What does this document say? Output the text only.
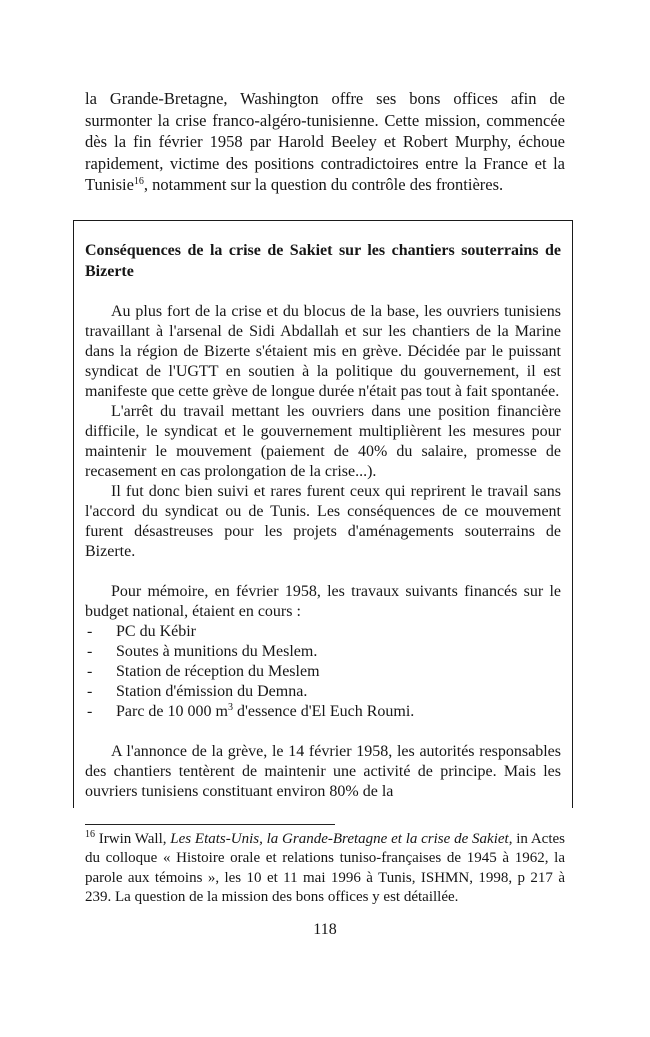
la Grande-Bretagne, Washington offre ses bons offices afin de surmonter la crise franco-algéro-tunisienne. Cette mission, commencée dès la fin février 1958 par Harold Beeley et Robert Murphy, échoue rapidement, victime des positions contradictoires entre la France et la Tunisie$^{16}$, notamment sur la question du contrôle des frontières.

Conséquences de la crise de Sakiet sur les chantiers souterrains de Bizerte

Au plus fort de la crise et du blocus de la base, les ouvriers tunisiens travaillant à l'arsenal de Sidi Abdallah et sur les chantiers de la Marine dans la région de Bizerte s'étaient mis en grève. Décidée par le puissant syndicat de l'UGTT en soutien à la politique du gouvernement, il est manifeste que cette grève de longue durée n'était pas tout à fait spontanée.

L'arrêt du travail mettant les ouvriers dans une position financière difficile, le syndicat et le gouvernement multiplièrent les mesures pour maintenir le mouvement (paiement de 40% du salaire, promesse de recasement en cas prolongation de la crise...).

Il fut donc bien suivi et rares furent ceux qui reprirent le travail sans l'accord du syndicat ou de Tunis. Les conséquences de ce mouvement furent désastreuses pour les projets d'aménagements souterrains de Bizerte.

Pour mémoire, en février 1958, les travaux suivants financés sur le budget national, étaient en cours :

-	PC du Kébir
-	Soutes à munitions du Meslem.
-	Station de réception du Meslem
-	Station d'émission du Demna.
-	Parc de 10 000 $m^3$ d'essence d'El Euch Roumi.

A l'annonce de la grève, le 14 février 1958, les autorités responsables des chantiers tentèrent de maintenir une activité de principe. Mais les ouvriers tunisiens constituant environ 80% de la

$^{16}$ Irwin Wall, Les Etats-Unis, la Grande-Bretagne et la crise de Sakiet, in Actes du colloque « Histoire orale et relations tuniso-françaises de 1945 à 1962, la parole aux témoins », les 10 et 11 mai 1996 à Tunis, ISHMN, 1998, p 217 à 239. La question de la mission des bons offices y est détaillée.

118
